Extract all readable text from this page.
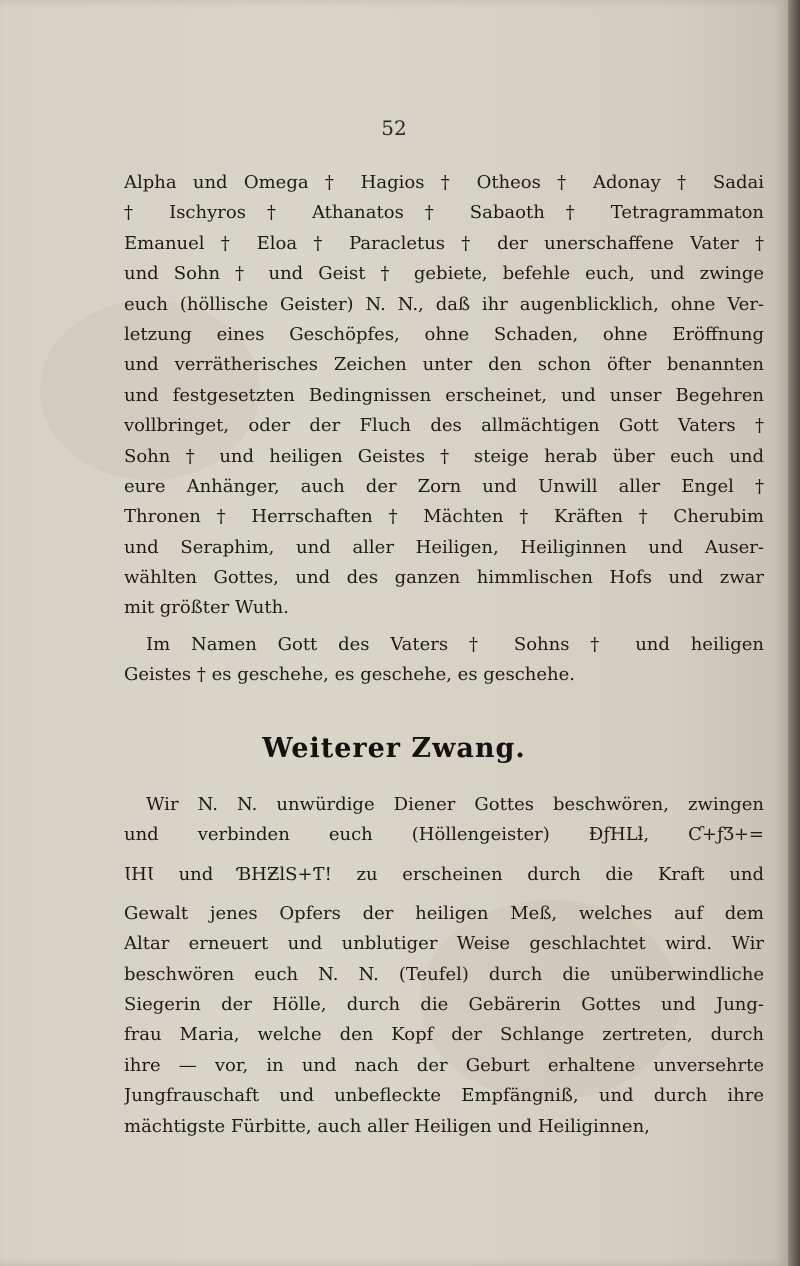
52
Alpha und Omega † Hagios † Otheos † Adonay † Sadai
† Ischyros † Athanatos † Sabaoth † Tetragrammaton
Emanuel † Eloa † Paracletus † der unerschaffene Vater †
und Sohn † und Geist † gebiete, befehle euch, und zwinge
euch (höllische Geister) N. N., daß ihr augenblicklich, ohne Ver-
letzung eines Geschöpfes, ohne Schaden, ohne Eröffnung
und verrätherisches Zeichen unter den schon öfter benannten
und festgesetzten Bedingnissen erscheinet, und unser Begehren
vollbringet, oder der Fluch des allmächtigen Gott Vaters †
Sohn † und heiligen Geistes † steige herab über euch und
eure Anhänger, auch der Zorn und Unwill aller Engel †
Thronen † Herrschaften † Mächten † Kräften † Cherubim
und Seraphim, und aller Heiligen, Heiliginnen und Auser-
wählten Gottes, und des ganzen himmlischen Hofs und zwar
mit größter Wuth.
Im Namen Gott des Vaters † Sohns † und heiligen
Geistes † es geschehe, es geschehe, es geschehe.
Weiterer Zwang.
Wir N. N. unwürdige Diener Gottes beschwören, zwingen
und verbinden euch (Höllengeister) ÐƒHLƚ, Ƈ+ƒƷ+=
ƖHƖ und ƁHƵlS+Ƭ! zu erscheinen durch die Kraft und
Gewalt jenes Opfers der heiligen Meß, welches auf dem
Altar erneuert und unblutiger Weise geschlachtet wird. Wir
beschwören euch N. N. (Teufel) durch die unüberwindliche
Siegerin der Hölle, durch die Gebärerin Gottes und Jung-
frau Maria, welche den Kopf der Schlange zertreten, durch
ihre — vor, in und nach der Geburt erhaltene unversehrte
Jungfrauschaft und unbefleckte Empfängniß, und durch ihre
mächtigste Fürbitte, auch aller Heiligen und Heiliginnen,
